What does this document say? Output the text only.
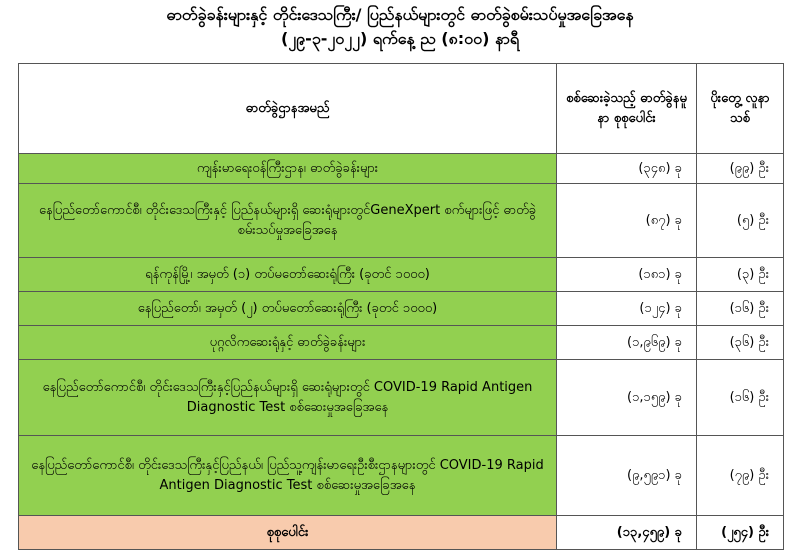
ဓာတ်ခွဲခန်းများနှင့် တိုင်းဒေသကြီး/ ပြည်နယ်များတွင် ဓာတ်ခွဲစမ်းသပ်မှုအခြေအနေ
(၂၉-၃-၂၀၂၂) ရက်နေ့ ည (၈:၀၀) နာရီ
ဓာတ်ခွဲဌာနအမည်	စစ်ဆေးခဲ့သည့် ဓာတ်ခွဲနမူနာ စုစုပေါင်း	ပိုးတွေ့ လူနာသစ်
ကျန်းမာရေးဝန်ကြီးဌာန၊ ဓာတ်ခွဲခန်းများ	(၃၄၈) ခု	(၉၉) ဦး
နေပြည်တော်ကောင်စီ၊ တိုင်းဒေသကြီးနှင့် ပြည်နယ်များရှိ ဆေးရုံများတွင်GeneXpert စက်များဖြင့် ဓာတ်ခွဲစမ်းသပ်မှုအခြေအနေ	(၈၇) ခု	(၅) ဦး
ရန်ကုန်မြို့၊ အမှတ် (၁) တပ်မတော်ဆေးရုံကြီး (ခုတင် ၁၀၀၀)	(၁၈၁) ခု	(၃) ဦး
နေပြည်တော်၊ အမှတ် (၂) တပ်မတော်ဆေးရုံကြီး (ခုတင် ၁၀၀၀)	(၁၂၄) ခု	(၁၆) ဦး
ပုဂ္ဂလိကဆေးရုံနှင့် ဓာတ်ခွဲခန်းများ	(၁,၉၆၉) ခု	(၃၆) ဦး
နေပြည်တော်ကောင်စီ၊ တိုင်းဒေသကြီးနှင့်ပြည်နယ်များရှိ ဆေးရုံများတွင် COVID-19 Rapid Antigen Diagnostic Test စစ်ဆေးမှုအခြေအနေ	(၁,၁၅၉) ခု	(၁၆) ဦး
နေပြည်တော်ကောင်စီ၊ တိုင်းဒေသကြီးနှင့်ပြည်နယ်၊ ပြည်သူ့ကျန်းမာရေးဦးစီးဌာနများတွင် COVID-19 Rapid Antigen Diagnostic Test စစ်ဆေးမှုအခြေအနေ	(၉,၅၉၁) ခု	(၇၉) ဦး
စုစုပေါင်း	(၁၃,၄၅၉) ခု	(၂၅၄) ဦး
